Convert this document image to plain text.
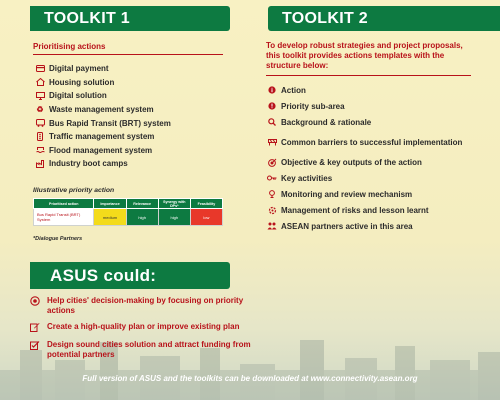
TOOLKIT 1
Prioritising actions
Digital payment
Housing solution
Digital solution
♻ Waste management system
Bus Rapid Transit (BRT) system
Traffic management system
Flood management system
Industry boot camps
Illustrative priority action
Prioritised action	Importance	Relevance	Synergy with DPs*	Feasibility
Bus Rapid Transit (BRT) System	medium	high	high	low
*Dialogue Partners
TOOLKIT 2
To develop robust strategies and project proposals, this toolkit provides actions templates with the structure below:
Action
Priority sub-area
Background & rationale
Common barriers to successful implementation
Objective & key outputs of the action
Key activities
Monitoring and review mechanism
Management of risks and lesson learnt
ASEAN partners active in this area
ASUS could:
Help cities' decision-making by focusing on priority actions
Create a high-quality plan or improve existing plan
Design sound cities solution and attract funding from potential partners
Full version of ASUS and the toolkits can be downloaded at www.connectivity.asean.org
